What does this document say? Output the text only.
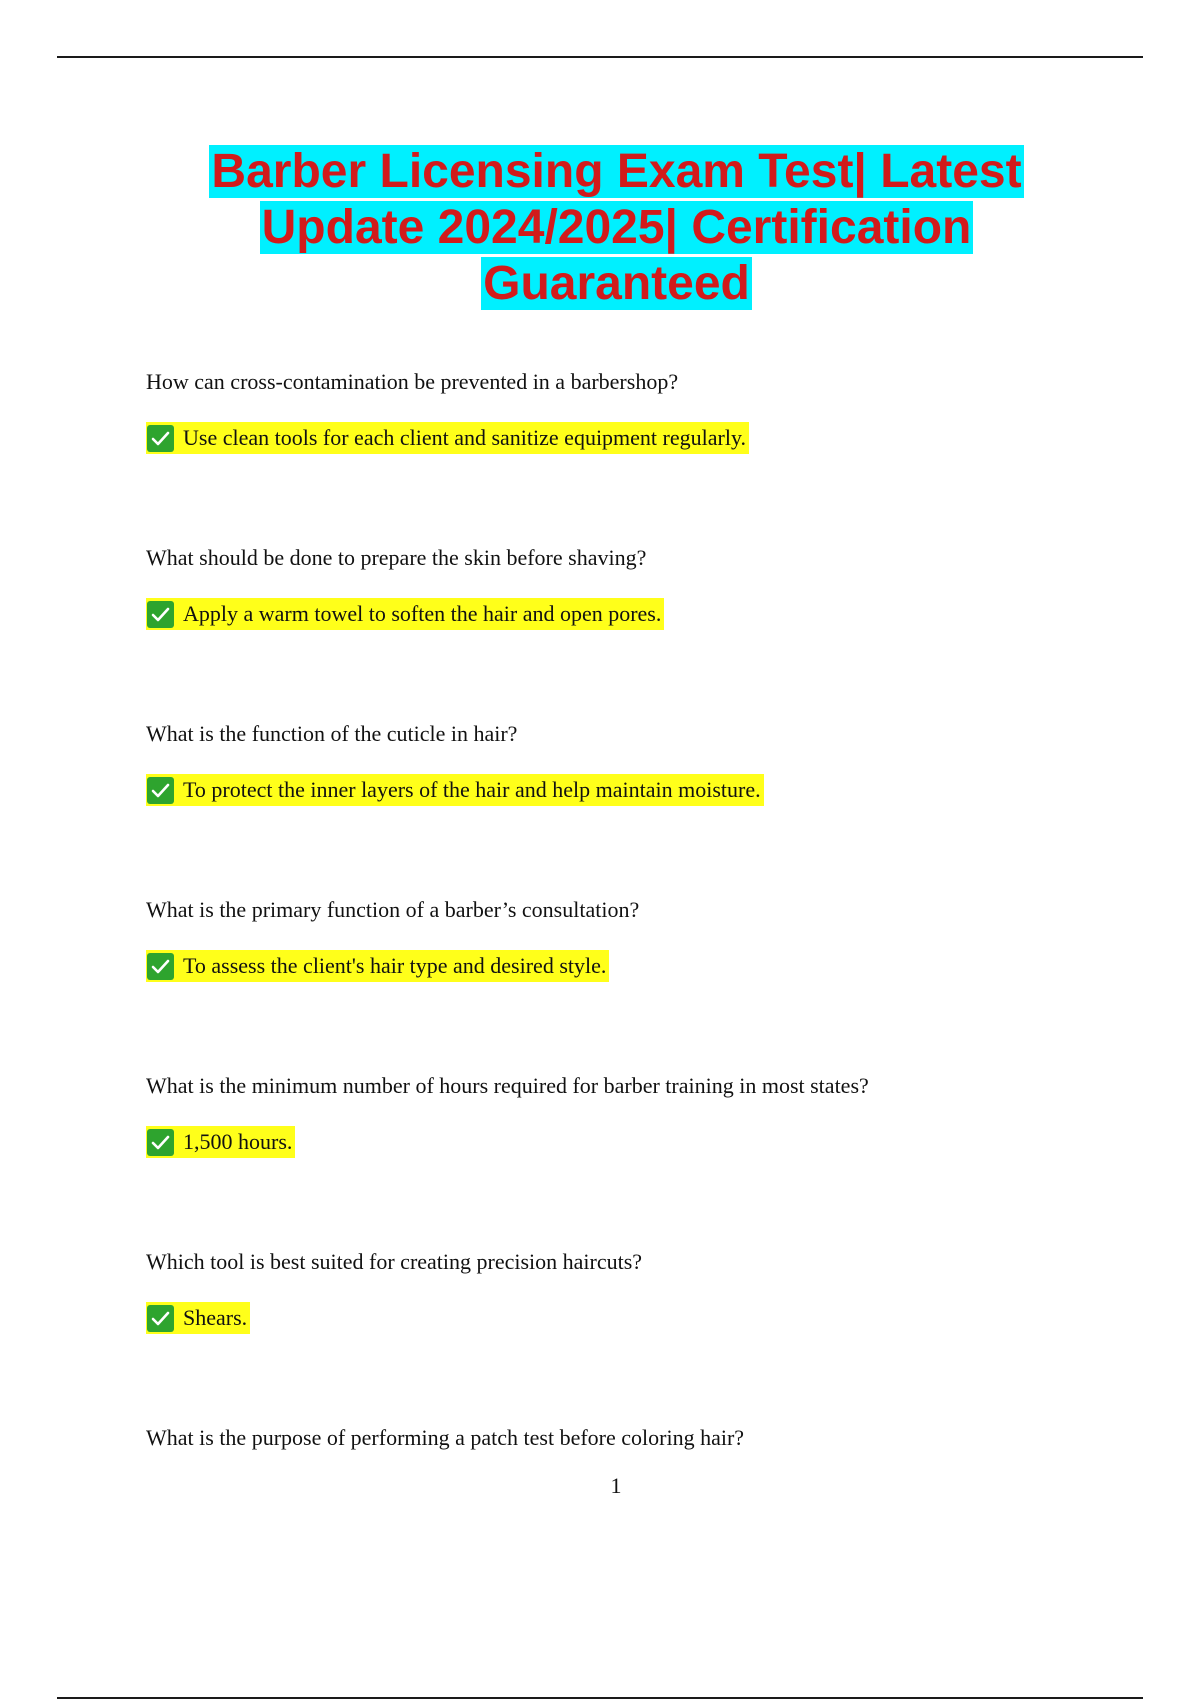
Barber Licensing Exam Test| Latest Update 2024/2025| Certification Guaranteed
How can cross-contamination be prevented in a barbershop?
Use clean tools for each client and sanitize equipment regularly.
What should be done to prepare the skin before shaving?
Apply a warm towel to soften the hair and open pores.
What is the function of the cuticle in hair?
To protect the inner layers of the hair and help maintain moisture.
What is the primary function of a barber’s consultation?
To assess the client's hair type and desired style.
What is the minimum number of hours required for barber training in most states?
1,500 hours.
Which tool is best suited for creating precision haircuts?
Shears.
What is the purpose of performing a patch test before coloring hair?
1
